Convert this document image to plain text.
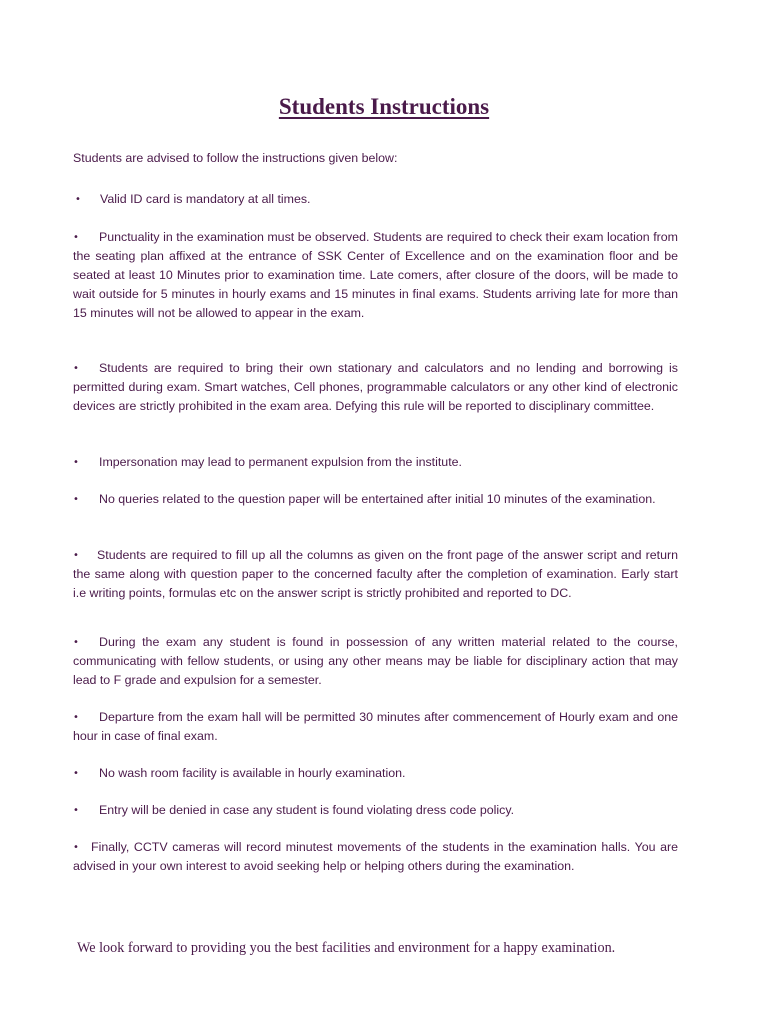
Students Instructions
Students are advised to follow the instructions given below:
• Valid ID card is mandatory at all times.
• Punctuality in the examination must be observed. Students are required to check their exam location from the seating plan affixed at the entrance of SSK Center of Excellence and on the examination floor and be seated at least 10 Minutes prior to examination time. Late comers, after closure of the doors, will be made to wait outside for 5 minutes in hourly exams and 15 minutes in final exams. Students arriving late for more than 15 minutes will not be allowed to appear in the exam.
• Students are required to bring their own stationary and calculators and no lending and borrowing is permitted during exam. Smart watches, Cell phones, programmable calculators or any other kind of electronic devices are strictly prohibited in the exam area. Defying this rule will be reported to disciplinary committee.
• Impersonation may lead to permanent expulsion from the institute.
• No queries related to the question paper will be entertained after initial 10 minutes of the examination.
• Students are required to fill up all the columns as given on the front page of the answer script and return the same along with question paper to the concerned faculty after the completion of examination. Early start i.e writing points, formulas etc on the answer script is strictly prohibited and reported to DC.
• During the exam any student is found in possession of any written material related to the course, communicating with fellow students, or using any other means may be liable for disciplinary action that may lead to F grade and expulsion for a semester.
• Departure from the exam hall will be permitted 30 minutes after commencement of Hourly exam and one hour in case of final exam.
• No wash room facility is available in hourly examination.
• Entry will be denied in case any student is found violating dress code policy.
• Finally, CCTV cameras will record minutest movements of the students in the examination halls. You are advised in your own interest to avoid seeking help or helping others during the examination.
We look forward to providing you the best facilities and environment for a happy examination.
